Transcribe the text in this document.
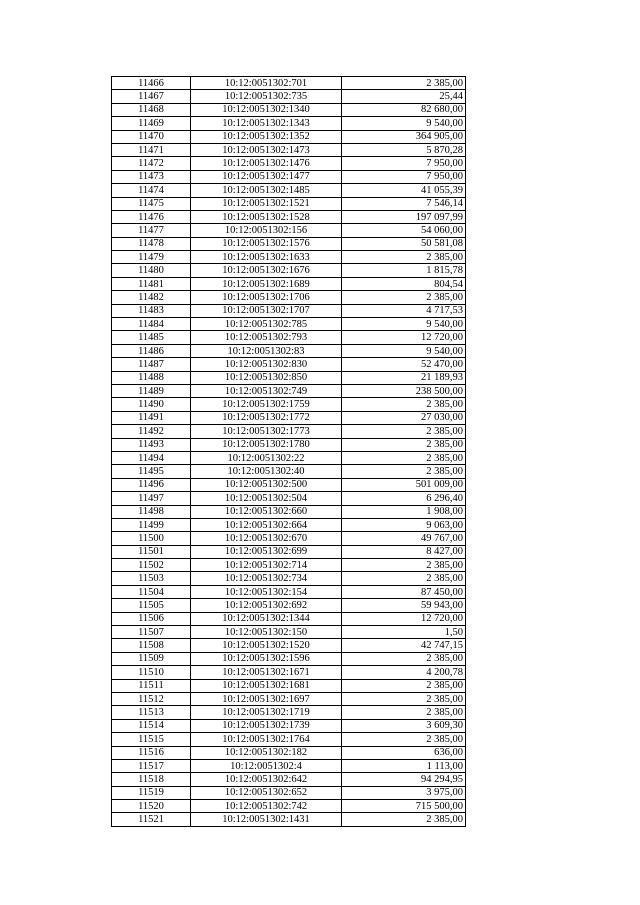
11466	10:12:0051302:701	2 385,00
11467	10:12:0051302:735	25,44
11468	10:12:0051302:1340	82 680,00
11469	10:12:0051302:1343	9 540,00
11470	10:12:0051302:1352	364 905,00
11471	10:12:0051302:1473	5 870,28
11472	10:12:0051302:1476	7 950,00
11473	10:12:0051302:1477	7 950,00
11474	10:12:0051302:1485	41 055,39
11475	10:12:0051302:1521	7 546,14
11476	10:12:0051302:1528	197 097,99
11477	10:12:0051302:156	54 060,00
11478	10:12:0051302:1576	50 581,08
11479	10:12:0051302:1633	2 385,00
11480	10:12:0051302:1676	1 815,78
11481	10:12:0051302:1689	804,54
11482	10:12:0051302:1706	2 385,00
11483	10:12:0051302:1707	4 717,53
11484	10:12:0051302:785	9 540,00
11485	10:12:0051302:793	12 720,00
11486	10:12:0051302:83	9 540,00
11487	10:12:0051302:830	52 470,00
11488	10:12:0051302:850	21 189,93
11489	10:12:0051302:749	238 500,00
11490	10:12:0051302:1759	2 385,00
11491	10:12:0051302:1772	27 030,00
11492	10:12:0051302:1773	2 385,00
11493	10:12:0051302:1780	2 385,00
11494	10:12:0051302:22	2 385,00
11495	10:12:0051302:40	2 385,00
11496	10:12:0051302:500	501 009,00
11497	10:12:0051302:504	6 296,40
11498	10:12:0051302:660	1 908,00
11499	10:12:0051302:664	9 063,00
11500	10:12:0051302:670	49 767,00
11501	10:12:0051302:699	8 427,00
11502	10:12:0051302:714	2 385,00
11503	10:12:0051302:734	2 385,00
11504	10:12:0051302:154	87 450,00
11505	10:12:0051302:692	59 943,00
11506	10:12:0051302:1344	12 720,00
11507	10:12:0051302:150	1,50
11508	10:12:0051302:1520	42 747,15
11509	10:12:0051302:1596	2 385,00
11510	10:12:0051302:1671	4 200,78
11511	10:12:0051302:1681	2 385,00
11512	10:12:0051302:1697	2 385,00
11513	10:12:0051302:1719	2 385,00
11514	10:12:0051302:1739	3 609,30
11515	10:12:0051302:1764	2 385,00
11516	10:12:0051302:182	636,00
11517	10:12:0051302:4	1 113,00
11518	10:12:0051302:642	94 294,95
11519	10:12:0051302:652	3 975,00
11520	10:12:0051302:742	715 500,00
11521	10:12:0051302:1431	2 385,00
